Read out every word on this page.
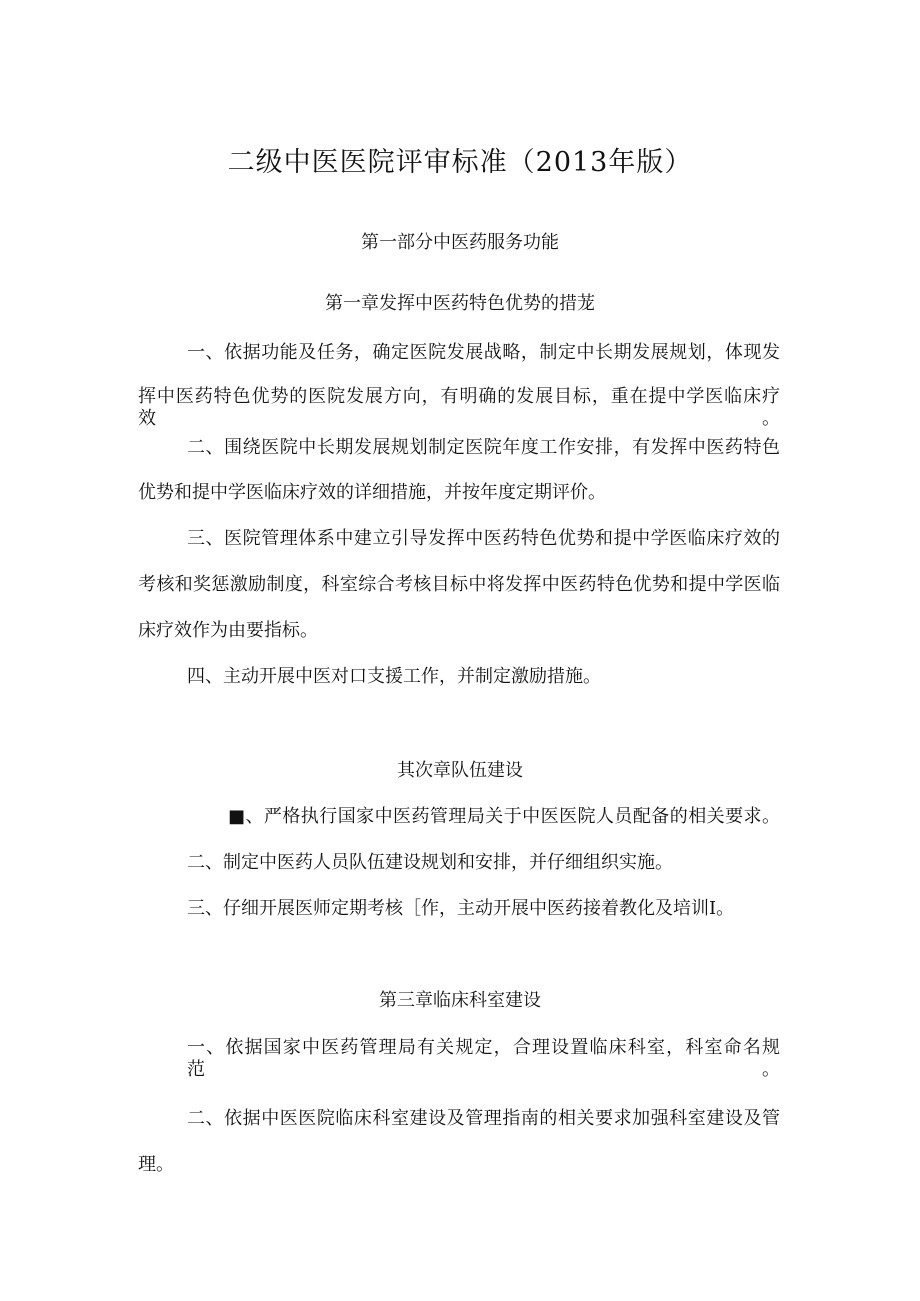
二级中医医院评审标准（2013年版）
第一部分中医药服务功能
第一章发挥中医药特色优势的措茏
一、依据功能及任务，确定医院发展战略，制定中长期发展规划，体现发
挥中医药特色优势的医院发展方向，有明确的发展目标，重在提中学医临床疗效。
二、围绕医院中长期发展规划制定医院年度工作安排，有发挥中医药特色
优势和提中学医临床疗效的详细措施，并按年度定期评价。
三、医院管理体系中建立引导发挥中医药特色优势和提中学医临床疗效的
考核和奖惩激励制度，科室综合考核目标中将发挥中医药特色优势和提中学医临
床疗效作为由要指标。
四、主动开展中医对口支援工作，并制定激励措施。
其次章队伍建设
■、严格执行国家中医药管理局关于中医医院人员配备的相关要求。
二、制定中医药人员队伍建设规划和安排，并仔细组织实施。
三、仔细开展医师定期考核［作，主动开展中医药接着教化及培训I。
第三章临床科室建设
一、依据国家中医药管理局有关规定，合理设置临床科室，科室命名规范。
二、依据中医医院临床科室建设及管理指南的相关要求加强科室建设及管
理。
